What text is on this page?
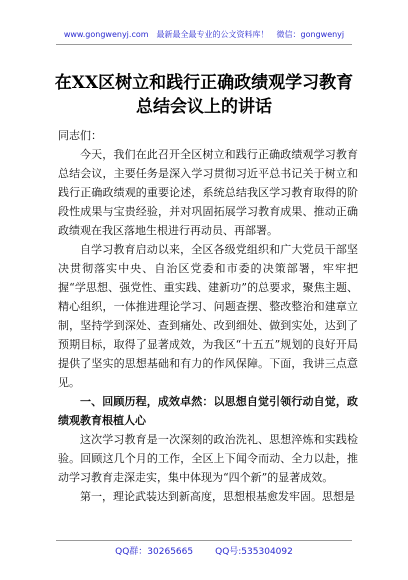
www.gongwenyj.com 最新最全最专业的公文资料库！ 微信：gongwenyj
在XX区树立和践行正确政绩观学习教育
总结会议上的讲话

同志们：

今天，我们在此召开全区树立和践行正确政绩观学习教育总结会议，主要任务是深入学习贯彻习近平总书记关于树立和践行正确政绩观的重要论述，系统总结我区学习教育取得的阶段性成果与宝贵经验，并对巩固拓展学习教育成果、推动正确政绩观在我区落地生根进行再动员、再部署。

自学习教育启动以来，全区各级党组织和广大党员干部坚决贯彻落实中央、自治区党委和市委的决策部署，牢牢把握“学思想、强党性、重实践、建新功”的总要求，聚焦主题、精心组织，一体推进理论学习、问题查摆、整改整治和建章立制，坚持学到深处、查到痛处、改到细处、做到实处，达到了预期目标，取得了显著成效，为我区“十五五”规划的良好开局提供了坚实的思想基础和有力的作风保障。下面，我讲三点意见。

一、回顾历程，成效卓然：以思想自觉引领行动自觉，政绩观教育根植人心

这次学习教育是一次深刻的政治洗礼、思想淬炼和实践检验。回顾这几个月的工作，全区上下闻令而动、全力以赴，推动学习教育走深走实，集中体现为“四个新”的显著成效。

第一，理论武装达到新高度，思想根基愈发牢固。思想是

QQ群：30265665 QQ号:535304092
